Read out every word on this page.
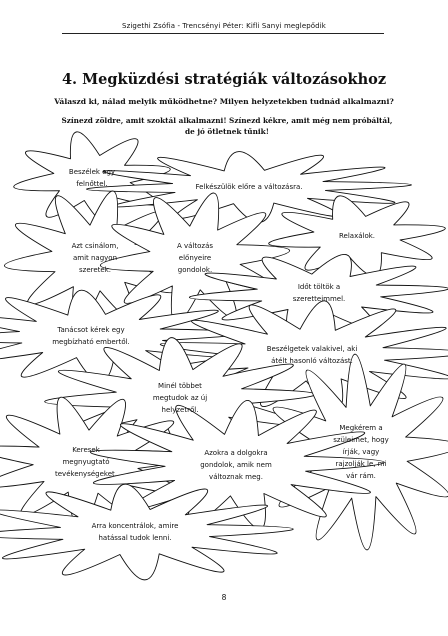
Szigethi Zsófia - Trencsényi Péter: Kifli Sanyi meglepődik
4. Megküzdési stratégiák változásokhoz
Válaszd ki, nálad melyik működhetne? Milyen helyzetekben tudnád alkalmazni?
Színezd zöldre, amit szoktál alkalmazni! Színezd kékre, amit még nem próbáltál, de jó ötletnek tűnik!
Beszélek egy
felnőttel.	Felkészülök előre a változásra.
Relaxálok.
Azt csinálom,
amit nagyon
szeretek.
A változás
előnyeire
gondolok.
Időt töltök a
szeretteimmel.
Tanácsot kérek egy
megbízható embertől.
Beszélgetek valakivel, aki
átélt hasonló változást.
Minél többet
megtudok az új
helyzetről.
Megkérem a
szüleimet, hogy
írják, vagy
rajzolják le, mi
vár rám.
Keresek
megnyugtató
tevékenységeket.
Azokra a dolgokra
gondolok, amik nem
változnak meg.
Arra koncentrálok, amire
hatással tudok lenni.
8
